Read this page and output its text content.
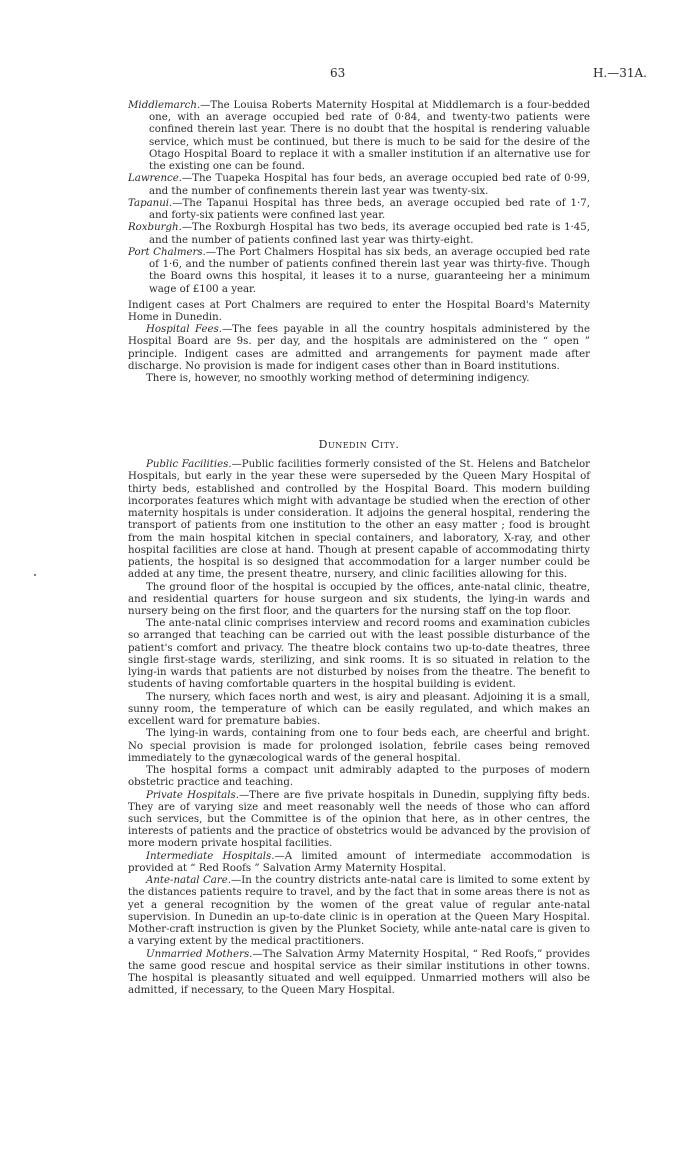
63	H.—31A.

Middlemarch.—The Louisa Roberts Maternity Hospital at Middlemarch is a four-bedded one, with an average occupied bed rate of 0·84, and twenty-two patients were confined therein last year. There is no doubt that the hospital is rendering valuable service, which must be continued, but there is much to be said for the desire of the Otago Hospital Board to replace it with a smaller institution if an alternative use for the existing one can be found.

Lawrence.—The Tuapeka Hospital has four beds, an average occupied bed rate of 0·99, and the number of confinements therein last year was twenty-six.

Tapanui.—The Tapanui Hospital has three beds, an average occupied bed rate of 1·7, and forty-six patients were confined last year.

Roxburgh.—The Roxburgh Hospital has two beds, its average occupied bed rate is 1·45, and the number of patients confined last year was thirty-eight.

Port Chalmers.—The Port Chalmers Hospital has six beds, an average occupied bed rate of 1·6, and the number of patients confined therein last year was thirty-five. Though the Board owns this hospital, it leases it to a nurse, guaranteeing her a minimum wage of £100 a year.

Indigent cases at Port Chalmers are required to enter the Hospital Board's Maternity Home in Dunedin.

Hospital Fees.—The fees payable in all the country hospitals administered by the Hospital Board are 9s. per day, and the hospitals are administered on the “ open ” principle. Indigent cases are admitted and arrangements for payment made after discharge. No provision is made for indigent cases other than in Board institutions.

There is, however, no smoothly working method of determining indigency.

Dunedin City.

Public Facilities.—Public facilities formerly consisted of the St. Helens and Batchelor Hospitals, but early in the year these were superseded by the Queen Mary Hospital of thirty beds, established and controlled by the Hospital Board. This modern building incorporates features which might with advantage be studied when the erection of other maternity hospitals is under consideration. It adjoins the general hospital, rendering the transport of patients from one institution to the other an easy matter ; food is brought from the main hospital kitchen in special containers, and laboratory, X-ray, and other hospital facilities are close at hand. Though at present capable of accommodating thirty patients, the hospital is so designed that accommodation for a larger number could be added at any time, the present theatre, nursery, and clinic facilities allowing for this.

The ground floor of the hospital is occupied by the offices, ante-natal clinic, theatre, and residential quarters for house surgeon and six students, the lying-in wards and nursery being on the first floor, and the quarters for the nursing staff on the top floor.

The ante-natal clinic comprises interview and record rooms and examination cubicles so arranged that teaching can be carried out with the least possible disturbance of the patient's comfort and privacy. The theatre block contains two up-to-date theatres, three single first-stage wards, sterilizing, and sink rooms. It is so situated in relation to the lying-in wards that patients are not disturbed by noises from the theatre. The benefit to students of having comfortable quarters in the hospital building is evident.

The nursery, which faces north and west, is airy and pleasant. Adjoining it is a small, sunny room, the temperature of which can be easily regulated, and which makes an excellent ward for premature babies.

The lying-in wards, containing from one to four beds each, are cheerful and bright. No special provision is made for prolonged isolation, febrile cases being removed immediately to the gynæcological wards of the general hospital.

The hospital forms a compact unit admirably adapted to the purposes of modern obstetric practice and teaching.

Private Hospitals.—There are five private hospitals in Dunedin, supplying fifty beds. They are of varying size and meet reasonably well the needs of those who can afford such services, but the Committee is of the opinion that here, as in other centres, the interests of patients and the practice of obstetrics would be advanced by the provision of more modern private hospital facilities.

Intermediate Hospitals.—A limited amount of intermediate accommodation is provided at “ Red Roofs ” Salvation Army Maternity Hospital.

Ante-natal Care.—In the country districts ante-natal care is limited to some extent by the distances patients require to travel, and by the fact that in some areas there is not as yet a general recognition by the women of the great value of regular ante-natal supervision. In Dunedin an up-to-date clinic is in operation at the Queen Mary Hospital. Mother-craft instruction is given by the Plunket Society, while ante-natal care is given to a varying extent by the medical practitioners.

Unmarried Mothers.—The Salvation Army Maternity Hospital, “ Red Roofs,” provides the same good rescue and hospital service as their similar institutions in other towns. The hospital is pleasantly situated and well equipped. Unmarried mothers will also be admitted, if necessary, to the Queen Mary Hospital.
